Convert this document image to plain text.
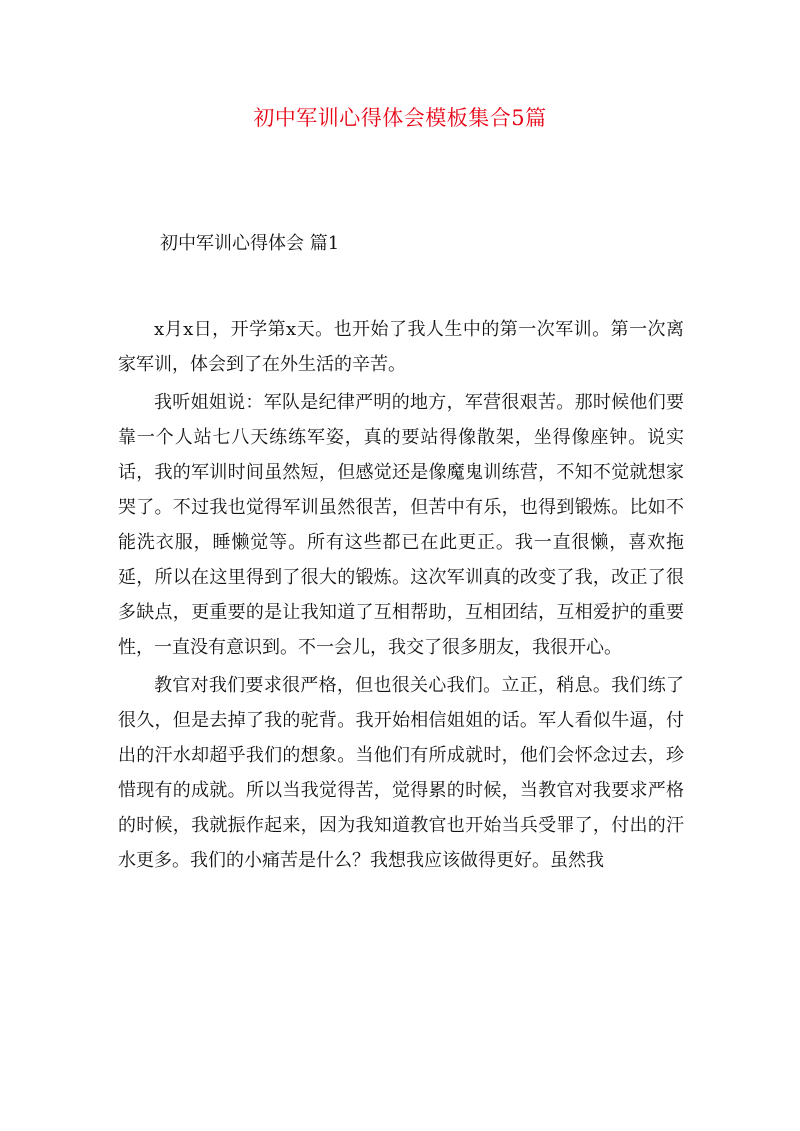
初中军训心得体会模板集合5篇
初中军训心得体会 篇1

x月x日，开学第x天。也开始了我人生中的第一次军训。第一次离家军训，体会到了在外生活的辛苦。

我听姐姐说：军队是纪律严明的地方，军营很艰苦。那时候他们要靠一个人站七八天练练军姿，真的要站得像散架，坐得像座钟。说实话，我的军训时间虽然短，但感觉还是像魔鬼训练营，不知不觉就想家哭了。不过我也觉得军训虽然很苦，但苦中有乐，也得到锻炼。比如不能洗衣服，睡懒觉等。所有这些都已在此更正。我一直很懒，喜欢拖延，所以在这里得到了很大的锻炼。这次军训真的改变了我，改正了很多缺点，更重要的是让我知道了互相帮助，互相团结，互相爱护的重要性，一直没有意识到。不一会儿，我交了很多朋友，我很开心。

教官对我们要求很严格，但也很关心我们。立正，稍息。我们练了很久，但是去掉了我的驼背。我开始相信姐姐的话。军人看似牛逼，付出的汗水却超乎我们的想象。当他们有所成就时，他们会怀念过去，珍惜现有的成就。所以当我觉得苦，觉得累的时候，当教官对我要求严格的时候，我就振作起来，因为我知道教官也开始当兵受罪了，付出的汗水更多。我们的小痛苦是什么？我想我应该做得更好。虽然我
